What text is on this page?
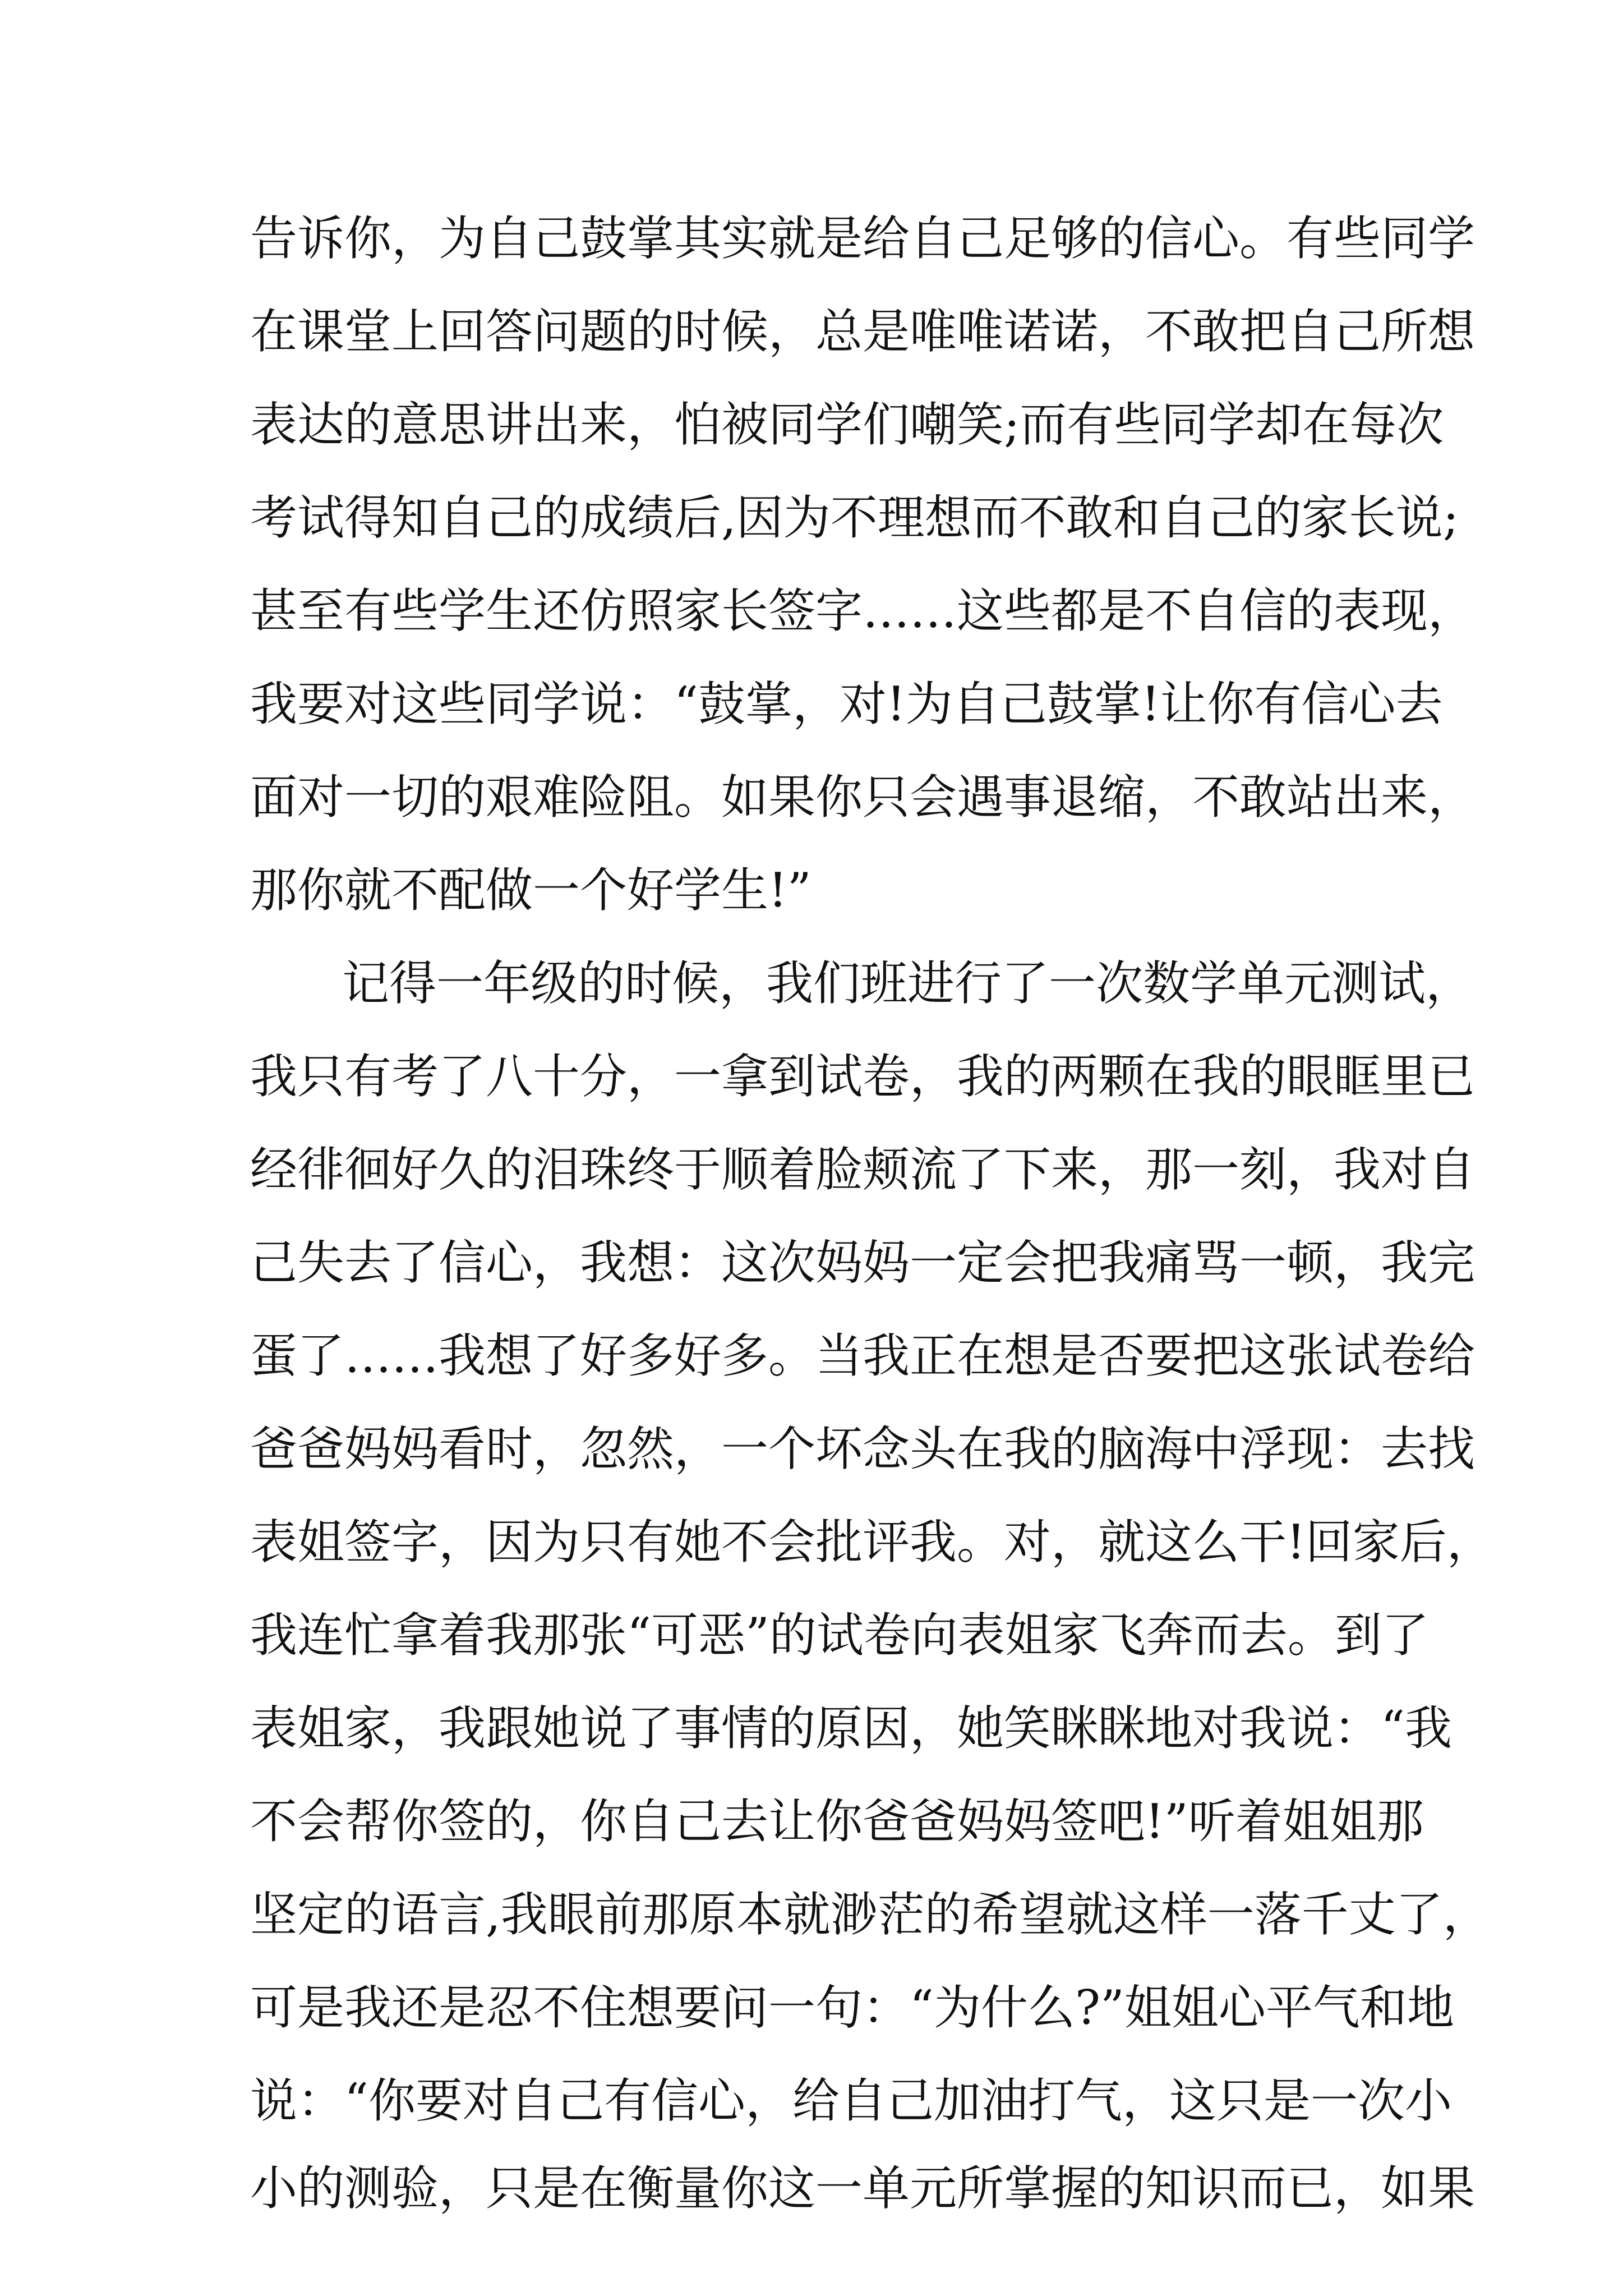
告诉你，为自己鼓掌其实就是给自己足够的信心。有些同学
在课堂上回答问题的时候，总是唯唯诺诺，不敢把自己所想
表达的意思讲出来，怕被同学们嘲笑;而有些同学却在每次
考试得知自己的成绩后,因为不理想而不敢和自己的家长说;
甚至有些学生还仿照家长签字……这些都是不自信的表现，
我要对这些同学说：“鼓掌，对!为自己鼓掌!让你有信心去
面对一切的艰难险阻。如果你只会遇事退缩，不敢站出来，
那你就不配做一个好学生!”
记得一年级的时候，我们班进行了一次数学单元测试，
我只有考了八十分，一拿到试卷，我的两颗在我的眼眶里已
经徘徊好久的泪珠终于顺着脸颊流了下来，那一刻，我对自
己失去了信心，我想：这次妈妈一定会把我痛骂一顿，我完
蛋了……我想了好多好多。当我正在想是否要把这张试卷给
爸爸妈妈看时，忽然，一个坏念头在我的脑海中浮现：去找
表姐签字，因为只有她不会批评我。对，就这么干!回家后，
我连忙拿着我那张“可恶”的试卷向表姐家飞奔而去。到了
表姐家，我跟她说了事情的原因，她笑眯眯地对我说：“我
不会帮你签的，你自己去让你爸爸妈妈签吧!”听着姐姐那
坚定的语言,我眼前那原本就渺茫的希望就这样一落千丈了，
可是我还是忍不住想要问一句：“为什么?”姐姐心平气和地
说：“你要对自己有信心，给自己加油打气，这只是一次小
小的测验，只是在衡量你这一单元所掌握的知识而已，如果
